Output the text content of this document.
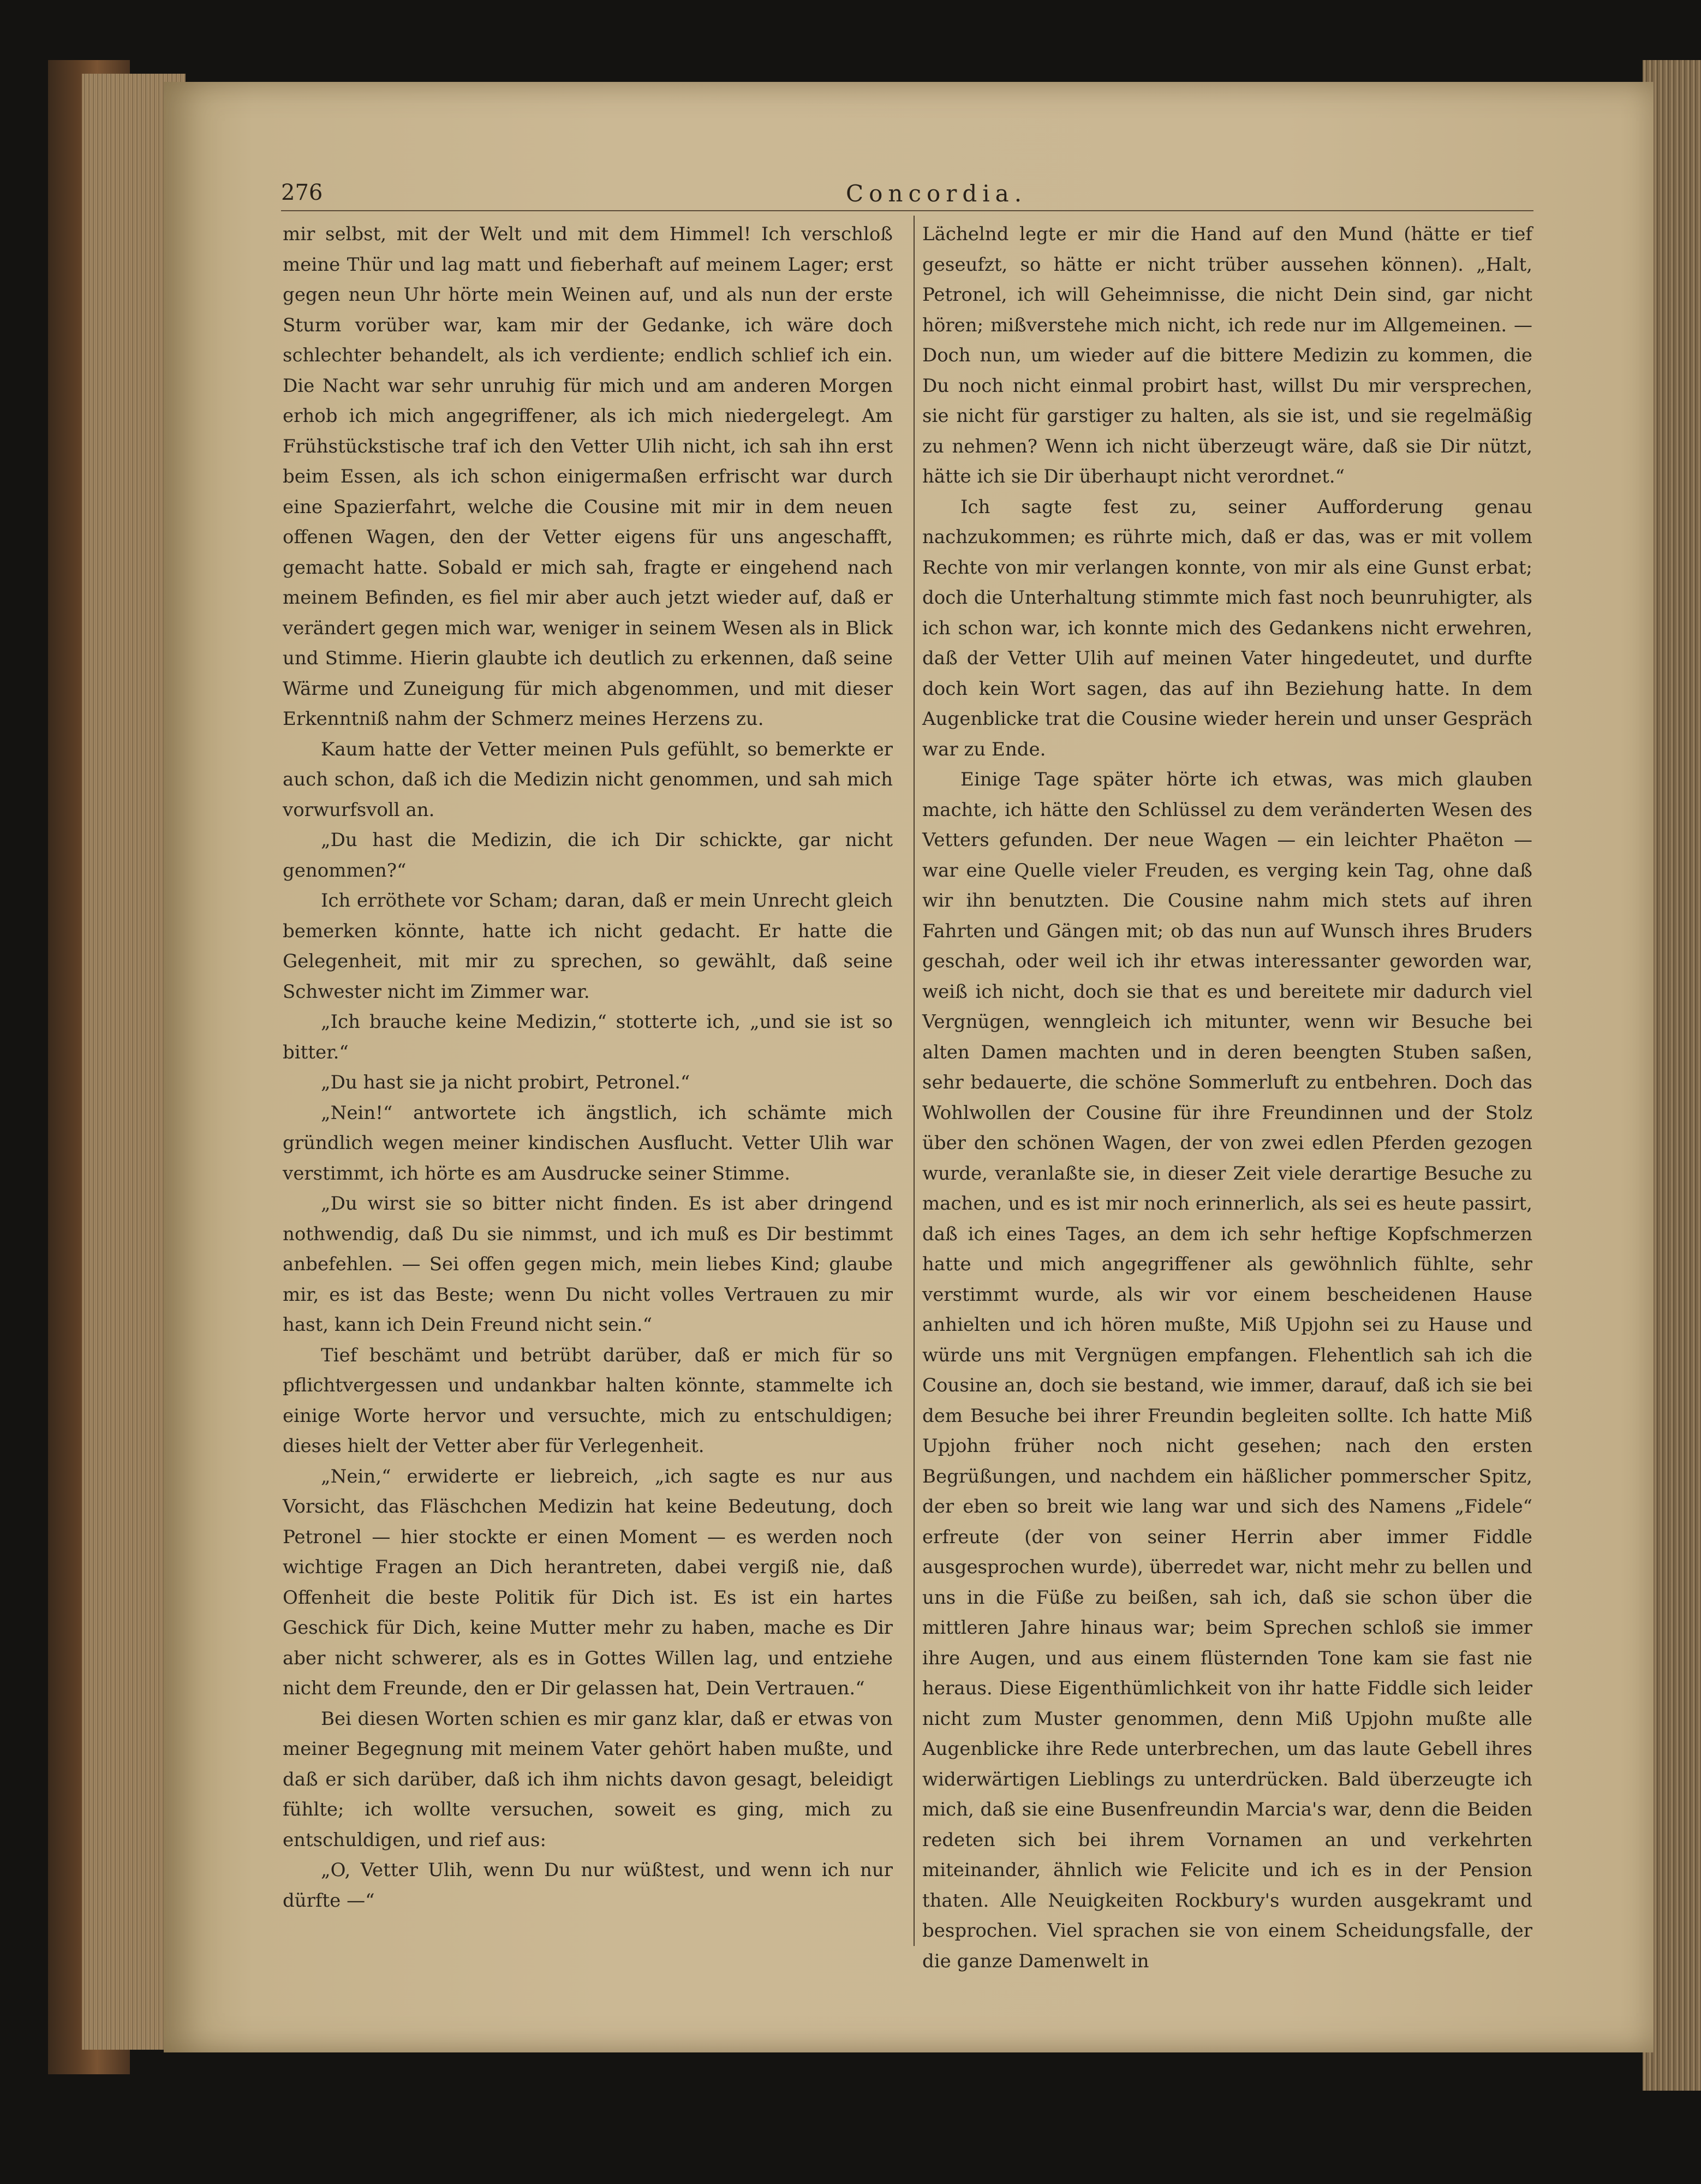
276	Concordia.

mir selbst, mit der Welt und mit dem Himmel! Ich verschloß meine Thür und lag matt und fieberhaft auf meinem Lager; erst gegen neun Uhr hörte mein Weinen auf, und als nun der erste Sturm vorüber war, kam mir der Gedanke, ich wäre doch schlechter behandelt, als ich verdiente; endlich schlief ich ein. Die Nacht war sehr unruhig für mich und am anderen Morgen erhob ich mich angegriffener, als ich mich niedergelegt. Am Frühstückstische traf ich den Vetter Ulih nicht, ich sah ihn erst beim Essen, als ich schon einigermaßen erfrischt war durch eine Spazierfahrt, welche die Cousine mit mir in dem neuen offenen Wagen, den der Vetter eigens für uns angeschafft, gemacht hatte. Sobald er mich sah, fragte er eingehend nach meinem Befinden, es fiel mir aber auch jetzt wieder auf, daß er verändert gegen mich war, weniger in seinem Wesen als in Blick und Stimme. Hierin glaubte ich deutlich zu erkennen, daß seine Wärme und Zuneigung für mich abgenommen, und mit dieser Erkenntniß nahm der Schmerz meines Herzens zu.

Kaum hatte der Vetter meinen Puls gefühlt, so bemerkte er auch schon, daß ich die Medizin nicht genommen, und sah mich vorwurfsvoll an.

„Du hast die Medizin, die ich Dir schickte, gar nicht genommen?“

Ich erröthete vor Scham; daran, daß er mein Unrecht gleich bemerken könnte, hatte ich nicht gedacht. Er hatte die Gelegenheit, mit mir zu sprechen, so gewählt, daß seine Schwester nicht im Zimmer war.

„Ich brauche keine Medizin,“ stotterte ich, „und sie ist so bitter.“

„Du hast sie ja nicht probirt, Petronel.“

„Nein!“ antwortete ich ängstlich, ich schämte mich gründlich wegen meiner kindischen Ausflucht. Vetter Ulih war verstimmt, ich hörte es am Ausdrucke seiner Stimme.

„Du wirst sie so bitter nicht finden. Es ist aber dringend nothwendig, daß Du sie nimmst, und ich muß es Dir bestimmt anbefehlen. — Sei offen gegen mich, mein liebes Kind; glaube mir, es ist das Beste; wenn Du nicht volles Vertrauen zu mir hast, kann ich Dein Freund nicht sein.“

Tief beschämt und betrübt darüber, daß er mich für so pflichtvergessen und undankbar halten könnte, stammelte ich einige Worte hervor und versuchte, mich zu entschuldigen; dieses hielt der Vetter aber für Verlegenheit.

„Nein,“ erwiderte er liebreich, „ich sagte es nur aus Vorsicht, das Fläschchen Medizin hat keine Bedeutung, doch Petronel — hier stockte er einen Moment — es werden noch wichtige Fragen an Dich herantreten, dabei vergiß nie, daß Offenheit die beste Politik für Dich ist. Es ist ein hartes Geschick für Dich, keine Mutter mehr zu haben, mache es Dir aber nicht schwerer, als es in Gottes Willen lag, und entziehe nicht dem Freunde, den er Dir gelassen hat, Dein Vertrauen.“

Bei diesen Worten schien es mir ganz klar, daß er etwas von meiner Begegnung mit meinem Vater gehört haben mußte, und daß er sich darüber, daß ich ihm nichts davon gesagt, beleidigt fühlte; ich wollte versuchen, soweit es ging, mich zu entschuldigen, und rief aus:

„O, Vetter Ulih, wenn Du nur wüßtest, und wenn ich nur dürfte —“

Lächelnd legte er mir die Hand auf den Mund (hätte er tief geseufzt, so hätte er nicht trüber aussehen können). „Halt, Petronel, ich will Geheimnisse, die nicht Dein sind, gar nicht hören; mißverstehe mich nicht, ich rede nur im Allgemeinen. — Doch nun, um wieder auf die bittere Medizin zu kommen, die Du noch nicht einmal probirt hast, willst Du mir versprechen, sie nicht für garstiger zu halten, als sie ist, und sie regelmäßig zu nehmen? Wenn ich nicht überzeugt wäre, daß sie Dir nützt, hätte ich sie Dir überhaupt nicht verordnet.“

Ich sagte fest zu, seiner Aufforderung genau nachzukommen; es rührte mich, daß er das, was er mit vollem Rechte von mir verlangen konnte, von mir als eine Gunst erbat; doch die Unterhaltung stimmte mich fast noch beunruhigter, als ich schon war, ich konnte mich des Gedankens nicht erwehren, daß der Vetter Ulih auf meinen Vater hingedeutet, und durfte doch kein Wort sagen, das auf ihn Beziehung hatte. In dem Augenblicke trat die Cousine wieder herein und unser Gespräch war zu Ende.

Einige Tage später hörte ich etwas, was mich glauben machte, ich hätte den Schlüssel zu dem veränderten Wesen des Vetters gefunden. Der neue Wagen — ein leichter Phaëton — war eine Quelle vieler Freuden, es verging kein Tag, ohne daß wir ihn benutzten. Die Cousine nahm mich stets auf ihren Fahrten und Gängen mit; ob das nun auf Wunsch ihres Bruders geschah, oder weil ich ihr etwas interessanter geworden war, weiß ich nicht, doch sie that es und bereitete mir dadurch viel Vergnügen, wenngleich ich mitunter, wenn wir Besuche bei alten Damen machten und in deren beengten Stuben saßen, sehr bedauerte, die schöne Sommerluft zu entbehren. Doch das Wohlwollen der Cousine für ihre Freundinnen und der Stolz über den schönen Wagen, der von zwei edlen Pferden gezogen wurde, veranlaßte sie, in dieser Zeit viele derartige Besuche zu machen, und es ist mir noch erinnerlich, als sei es heute passirt, daß ich eines Tages, an dem ich sehr heftige Kopfschmerzen hatte und mich angegriffener als gewöhnlich fühlte, sehr verstimmt wurde, als wir vor einem bescheidenen Hause anhielten und ich hören mußte, Miß Upjohn sei zu Hause und würde uns mit Vergnügen empfangen. Flehentlich sah ich die Cousine an, doch sie bestand, wie immer, darauf, daß ich sie bei dem Besuche bei ihrer Freundin begleiten sollte. Ich hatte Miß Upjohn früher noch nicht gesehen; nach den ersten Begrüßungen, und nachdem ein häßlicher pommerscher Spitz, der eben so breit wie lang war und sich des Namens „Fidele“ erfreute (der von seiner Herrin aber immer Fiddle ausgesprochen wurde), überredet war, nicht mehr zu bellen und uns in die Füße zu beißen, sah ich, daß sie schon über die mittleren Jahre hinaus war; beim Sprechen schloß sie immer ihre Augen, und aus einem flüsternden Tone kam sie fast nie heraus. Diese Eigenthümlichkeit von ihr hatte Fiddle sich leider nicht zum Muster genommen, denn Miß Upjohn mußte alle Augenblicke ihre Rede unterbrechen, um das laute Gebell ihres widerwärtigen Lieblings zu unterdrücken. Bald überzeugte ich mich, daß sie eine Busenfreundin Marcia's war, denn die Beiden redeten sich bei ihrem Vornamen an und verkehrten miteinander, ähnlich wie Felicite und ich es in der Pension thaten. Alle Neuigkeiten Rockbury's wurden ausgekramt und besprochen. Viel sprachen sie von einem Scheidungsfalle, der die ganze Damenwelt in
